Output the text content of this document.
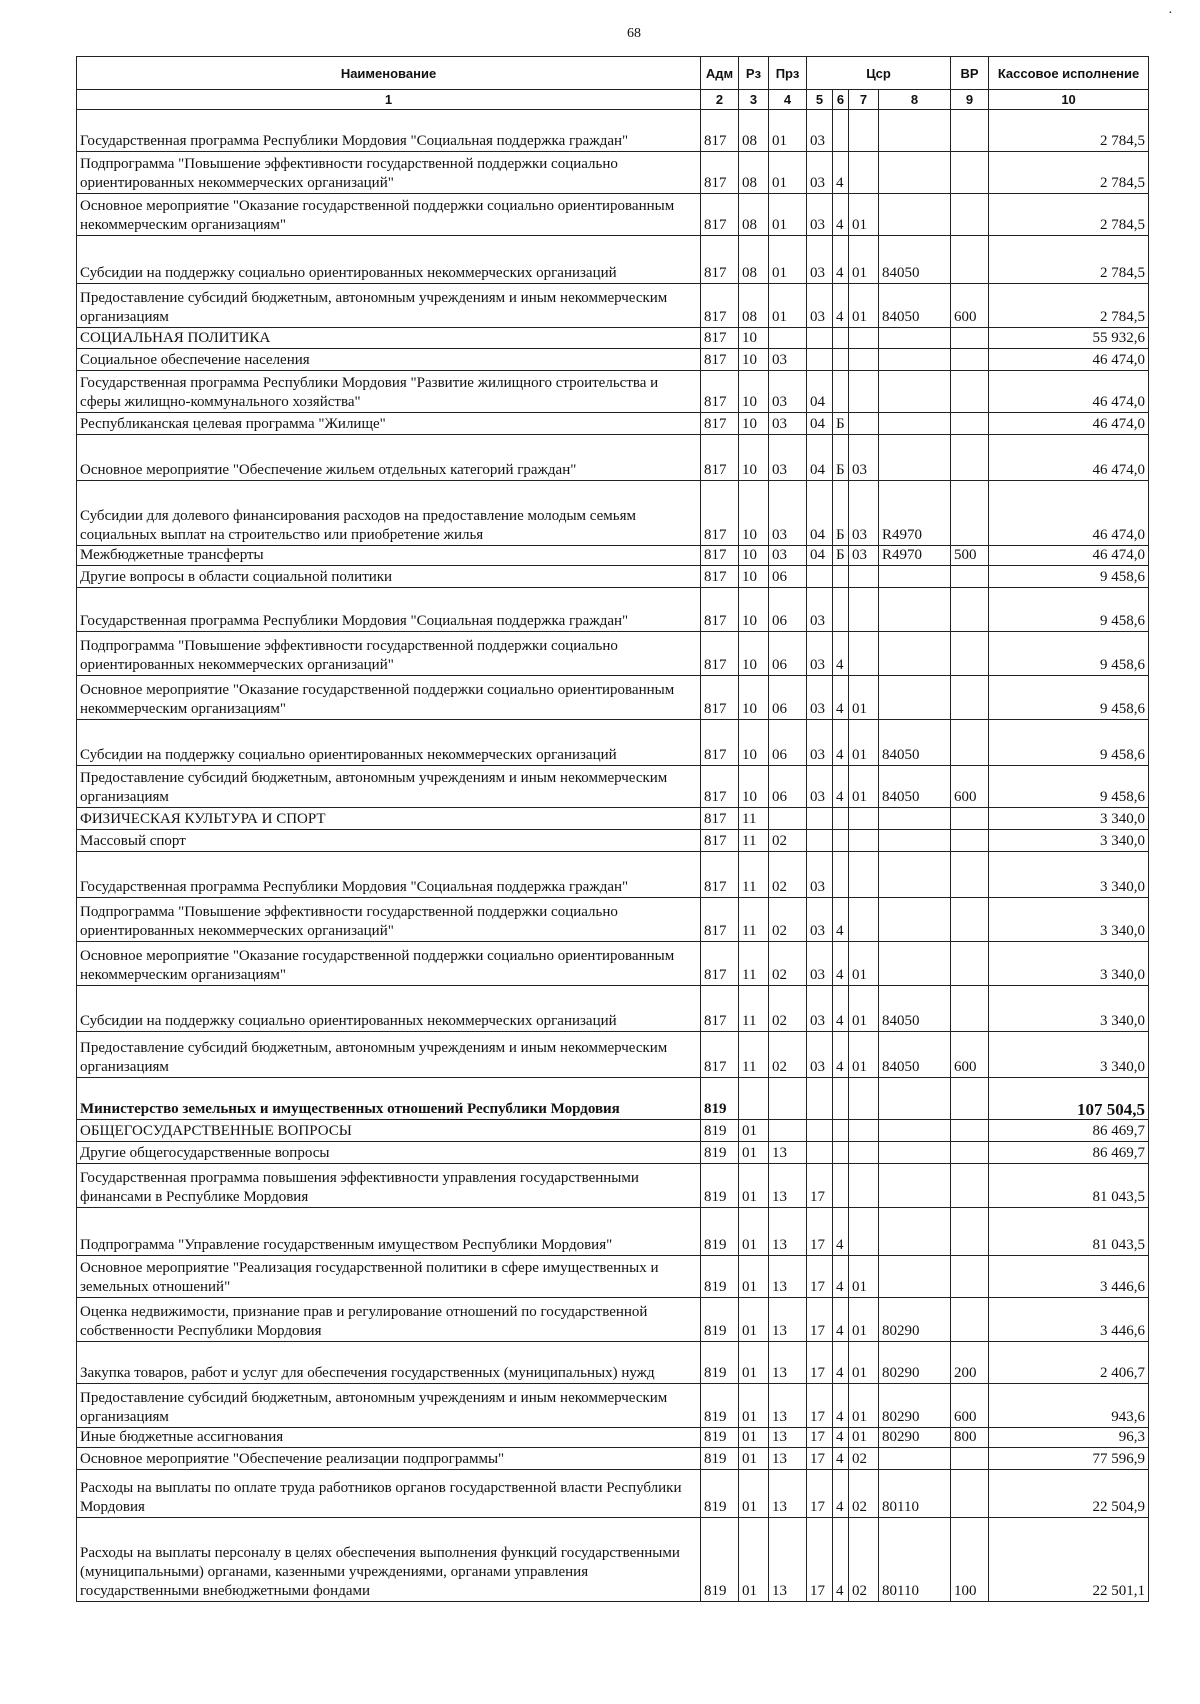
68
·
Наименование	Адм	Рз	Прз	Цср				ВР	Кассовое исполнение
1	2	3	4	5	6	7	8	9	10
Государственная программа Республики Мордовия "Социальная поддержка граждан"	817	08	01	03					2 784,5
Подпрограмма "Повышение эффективности государственной поддержки социально ориентированных некоммерческих организаций"	817	08	01	03	4				2 784,5
Основное мероприятие "Оказание государственной поддержки социально ориентированным некоммерческим организациям"	817	08	01	03	4	01			2 784,5
Субсидии на поддержку социально ориентированных некоммерческих организаций	817	08	01	03	4	01	84050		2 784,5
Предоставление субсидий бюджетным, автономным учреждениям и иным некоммерческим организациям	817	08	01	03	4	01	84050	600	2 784,5
СОЦИАЛЬНАЯ ПОЛИТИКА	817	10							55 932,6
Социальное обеспечение населения	817	10	03						46 474,0
Государственная программа Республики Мордовия "Развитие жилищного строительства и сферы жилищно-коммунального хозяйства"	817	10	03	04					46 474,0
Республиканская целевая программа "Жилище"	817	10	03	04	Б				46 474,0
Основное мероприятие "Обеспечение жильем отдельных категорий граждан"	817	10	03	04	Б	03			46 474,0
Субсидии для долевого финансирования расходов на предоставление молодым семьям социальных выплат на строительство или приобретение жилья	817	10	03	04	Б	03	R4970		46 474,0
Межбюджетные трансферты	817	10	03	04	Б	03	R4970	500	46 474,0
Другие вопросы в области социальной политики	817	10	06						9 458,6
Государственная программа Республики Мордовия "Социальная поддержка граждан"	817	10	06	03					9 458,6
Подпрограмма "Повышение эффективности государственной поддержки социально ориентированных некоммерческих организаций"	817	10	06	03	4				9 458,6
Основное мероприятие "Оказание государственной поддержки социально ориентированным некоммерческим организациям"	817	10	06	03	4	01			9 458,6
Субсидии на поддержку социально ориентированных некоммерческих организаций	817	10	06	03	4	01	84050		9 458,6
Предоставление субсидий бюджетным, автономным учреждениям и иным некоммерческим организациям	817	10	06	03	4	01	84050	600	9 458,6
ФИЗИЧЕСКАЯ КУЛЬТУРА И СПОРТ	817	11							3 340,0
Массовый спорт	817	11	02						3 340,0
Государственная программа Республики Мордовия "Социальная поддержка граждан"	817	11	02	03					3 340,0
Подпрограмма "Повышение эффективности государственной поддержки социально ориентированных некоммерческих организаций"	817	11	02	03	4				3 340,0
Основное мероприятие "Оказание государственной поддержки социально ориентированным некоммерческим организациям"	817	11	02	03	4	01			3 340,0
Субсидии на поддержку социально ориентированных некоммерческих организаций	817	11	02	03	4	01	84050		3 340,0
Предоставление субсидий бюджетным, автономным учреждениям и иным некоммерческим организациям	817	11	02	03	4	01	84050	600	3 340,0
Министерство земельных и имущественных отношений Республики Мордовия	819								107 504,5
ОБЩЕГОСУДАРСТВЕННЫЕ ВОПРОСЫ	819	01							86 469,7
Другие общегосударственные вопросы	819	01	13						86 469,7
Государственная программа повышения эффективности управления государственными финансами в Республике Мордовия	819	01	13	17					81 043,5
Подпрограмма "Управление государственным имуществом Республики Мордовия"	819	01	13	17	4				81 043,5
Основное мероприятие "Реализация государственной политики в сфере имущественных и земельных отношений"	819	01	13	17	4	01			3 446,6
Оценка недвижимости, признание прав и регулирование отношений по государственной собственности Республики Мордовия	819	01	13	17	4	01	80290		3 446,6
Закупка товаров, работ и услуг для обеспечения государственных (муниципальных) нужд	819	01	13	17	4	01	80290	200	2 406,7
Предоставление субсидий бюджетным, автономным учреждениям и иным некоммерческим организациям	819	01	13	17	4	01	80290	600	943,6
Иные бюджетные ассигнования	819	01	13	17	4	01	80290	800	96,3
Основное мероприятие "Обеспечение реализации подпрограммы"	819	01	13	17	4	02			77 596,9
Расходы на выплаты по оплате труда работников органов государственной власти Республики Мордовия	819	01	13	17	4	02	80110		22 504,9
Расходы на выплаты персоналу в целях обеспечения выполнения функций государственными (муниципальными) органами, казенными учреждениями, органами управления государственными внебюджетными фондами	819	01	13	17	4	02	80110	100	22 501,1
